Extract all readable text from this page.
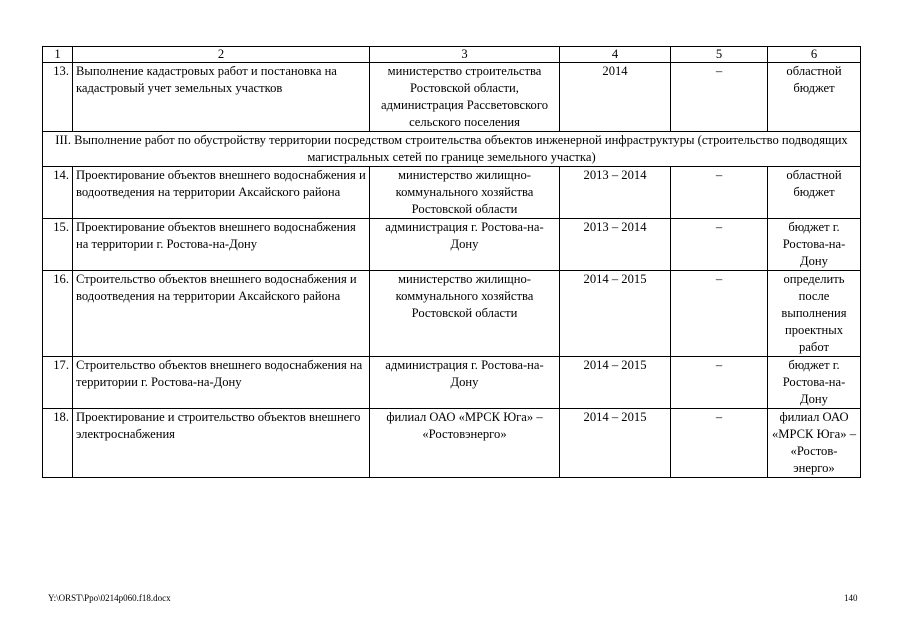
1	2	3	4	5	6
13.	Выполнение кадастровых работ и постановка на кадастровый учет земельных участков	министерство строительства Ростовской области, администрация Рассветовского сельского поселения	2014	–	областной бюджет
III. Выполнение работ по обустройству территории посредством строительства объектов инженерной инфраструктуры (строительство подводящих магистральных сетей по границе земельного участка)					
14.	Проектирование объектов внешнего водоснабжения и водоотведения на территории Аксайского района	министерство жилищно-коммунального хозяйства Ростовской области	2013 – 2014	–	областной бюджет
15.	Проектирование объектов внешнего водоснабжения на территории г. Ростова-на-Дону	администрация г. Ростова-на-Дону	2013 – 2014	–	бюджет г. Ростова-на-Дону
16.	Строительство объектов внешнего водоснабжения и водоотведения на территории Аксайского района	министерство жилищно-коммунального хозяйства Ростовской области	2014 – 2015	–	определить после выполнения проектных работ
17.	Строительство объектов внешнего водоснабжения на территории г. Ростова-на-Дону	администрация г. Ростова-на-Дону	2014 – 2015	–	бюджет г. Ростова-на-Дону
18.	Проектирование и строительство объектов внешнего электроснабжения	филиал ОАО «МРСК Юга» – «Ростовэнерго»	2014 – 2015	–	филиал ОАО «МРСК Юга» – «Ростов-энерго»
Y:\ORST\Ppo\0214p060.f18.docx	140
